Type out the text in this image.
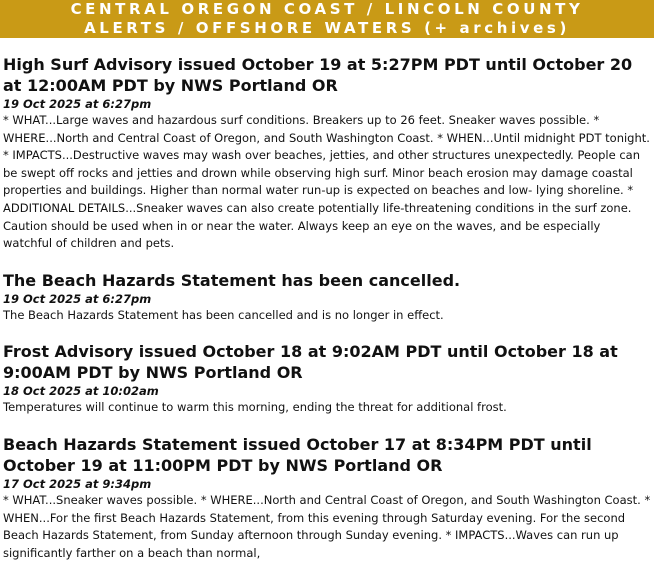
CENTRAL OREGON COAST / LINCOLN COUNTY
ALERTS / OFFSHORE WATERS (+ archives)
High Surf Advisory issued October 19 at 5:27PM PDT until October 20 at 12:00AM PDT by NWS Portland OR
19 Oct 2025 at 6:27pm

* WHAT...Large waves and hazardous surf conditions. Breakers up to 26 feet. Sneaker waves possible. * WHERE...North and Central Coast of Oregon, and South Washington Coast. * WHEN...Until midnight PDT tonight. * IMPACTS...Destructive waves may wash over beaches, jetties, and other structures unexpectedly. People can be swept off rocks and jetties and drown while observing high surf. Minor beach erosion may damage coastal properties and buildings. Higher than normal water run-up is expected on beaches and low- lying shoreline. * ADDITIONAL DETAILS...Sneaker waves can also create potentially life-threatening conditions in the surf zone. Caution should be used when in or near the water. Always keep an eye on the waves, and be especially watchful of children and pets.

The Beach Hazards Statement has been cancelled.
19 Oct 2025 at 6:27pm

The Beach Hazards Statement has been cancelled and is no longer in effect.

Frost Advisory issued October 18 at 9:02AM PDT until October 18 at 9:00AM PDT by NWS Portland OR
18 Oct 2025 at 10:02am

Temperatures will continue to warm this morning, ending the threat for additional frost.

Beach Hazards Statement issued October 17 at 8:34PM PDT until October 19 at 11:00PM PDT by NWS Portland OR
17 Oct 2025 at 9:34pm

* WHAT...Sneaker waves possible. * WHERE...North and Central Coast of Oregon, and South Washington Coast. * WHEN...For the first Beach Hazards Statement, from this evening through Saturday evening. For the second Beach Hazards Statement, from Sunday afternoon through Sunday evening. * IMPACTS...Waves can run up significantly farther on a beach than normal,
